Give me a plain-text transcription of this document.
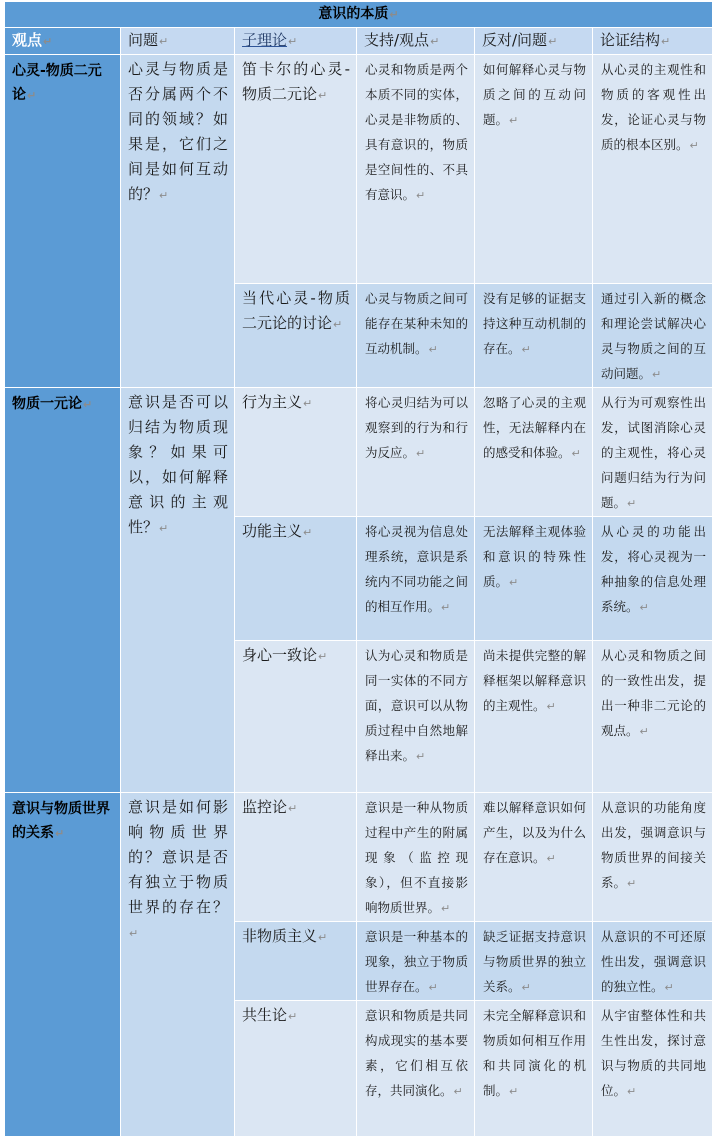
意识的本质↵					
观点↵	问题↵	子理论↵	支持/观点↵	反对/问题↵	论证结构↵
心灵-物质二元论↵	心灵与物质是否分属两个不同的领域？如果是，它们之间是如何互动的？↵	笛卡尔的心灵-物质二元论↵	心灵和物质是两个本质不同的实体，心灵是非物质的、具有意识的，物质是空间性的、不具有意识。↵	如何解释心灵与物质之间的互动问题。↵	从心灵的主观性和物质的客观性出发，论证心灵与物质的根本区别。↵
		当代心灵-物质二元论的讨论↵	心灵与物质之间可能存在某种未知的互动机制。↵	没有足够的证据支持这种互动机制的存在。↵	通过引入新的概念和理论尝试解决心灵与物质之间的互动问题。↵
物质一元论↵	意识是否可以归结为物质现象？如果可以，如何解释意识的主观性？↵	行为主义↵	将心灵归结为可以观察到的行为和行为反应。↵	忽略了心灵的主观性，无法解释内在的感受和体验。↵	从行为可观察性出发，试图消除心灵的主观性，将心灵问题归结为行为问题。↵
		功能主义↵	将心灵视为信息处理系统，意识是系统内不同功能之间的相互作用。↵	无法解释主观体验和意识的特殊性质。↵	从心灵的功能出发，将心灵视为一种抽象的信息处理系统。↵
		身心一致论↵	认为心灵和物质是同一实体的不同方面，意识可以从物质过程中自然地解释出来。↵	尚未提供完整的解释框架以解释意识的主观性。↵	从心灵和物质之间的一致性出发，提出一种非二元论的观点。↵
意识与物质世界的关系↵	意识是如何影响物质世界的？意识是否有独立于物质世界的存在？↵	监控论↵	意识是一种从物质过程中产生的附属现象（监控现象），但不直接影响物质世界。↵	难以解释意识如何产生，以及为什么存在意识。↵	从意识的功能角度出发，强调意识与物质世界的间接关系。↵
		非物质主义↵	意识是一种基本的现象，独立于物质世界存在。↵	缺乏证据支持意识与物质世界的独立关系。↵	从意识的不可还原性出发，强调意识的独立性。↵
		共生论↵	意识和物质是共同构成现实的基本要素，它们相互依存，共同演化。↵	未完全解释意识和物质如何相互作用和共同演化的机制。↵	从宇宙整体性和共生性出发，探讨意识与物质的共同地位。↵
